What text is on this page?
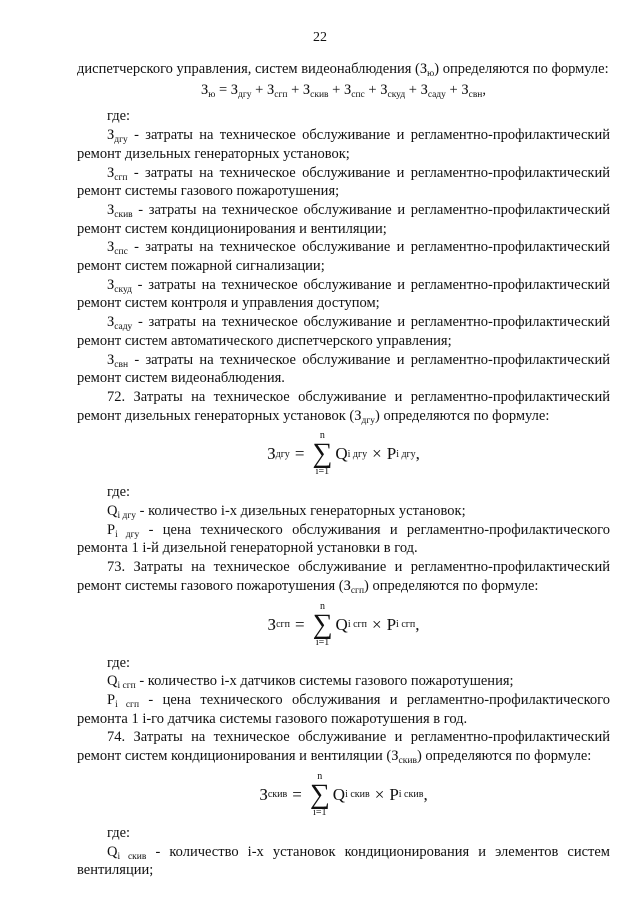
22

диспетчерского управления, систем видеонаблюдения $(З_ю)$ определяются по формуле:

$З_ю = З_{дгу} + З_{сгп} + З_{скив} + З_{спс} + З_{скуд} + З_{сaду} + З_{свн}$,

где:

$З_{дгу}$ - затраты на техническое обслуживание и регламентно-профилактический ремонт дизельных генераторных установок;

$З_{сгп}$ - затраты на техническое обслуживание и регламентно-профилактический ремонт системы газового пожаротушения;

$З_{скив}$ - затраты на техническое обслуживание и регламентно-профилактический ремонт систем кондиционирования и вентиляции;

$З_{спс}$ - затраты на техническое обслуживание и регламентно-профилактический ремонт систем пожарной сигнализации;

$З_{скуд}$ - затраты на техническое обслуживание и регламентно-профилактический ремонт систем контроля и управления доступом;

$З_{сaду}$ - затраты на техническое обслуживание и регламентно-профилактический ремонт систем автоматического диспетчерского управления;

$З_{свн}$ - затраты на техническое обслуживание и регламентно-профилактический ремонт систем видеонаблюдения.

72. Затраты на техническое обслуживание и регламентно-профилактический ремонт дизельных генераторных установок $(З_{дгу})$ определяются по формуле:

З дгу =
n
∑
i=1
Q i дгу × P i дгу ,

где:

$Q_{i дгу}$ - количество i-х дизельных генераторных установок;

$P_{i дгу}$ - цена технического обслуживания и регламентно-профилактического ремонта 1 i-й дизельной генераторной установки в год.

73. Затраты на техническое обслуживание и регламентно-профилактический ремонт системы газового пожаротушения $(З_{сгп})$ определяются по формуле:

З сгп =
n
∑
i=1
Q i сгп × P i сгп ,

где:

$Q_{i сгп}$ - количество i-х датчиков системы газового пожаротушения;

$P_{i сгп}$ - цена технического обслуживания и регламентно-профилактического ремонта 1 i-го датчика системы газового пожаротушения в год.

74. Затраты на техническое обслуживание и регламентно-профилактический ремонт систем кондиционирования и вентиляции $(З_{скив})$ определяются по формуле:

З скив =
n
∑
i=1
Q i скив × P i скив ,

где:

$Q_{i скив}$ - количество i-х установок кондиционирования и элементов систем вентиляции;
